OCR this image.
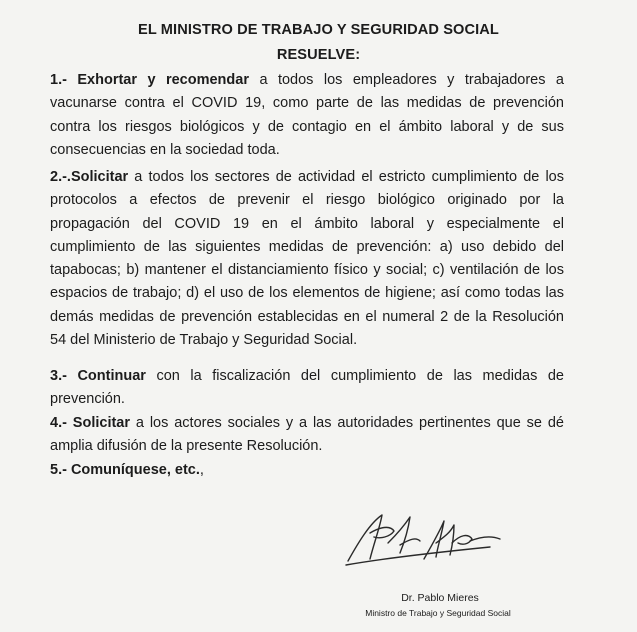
EL MINISTRO DE TRABAJO Y SEGURIDAD SOCIAL
RESUELVE:

1.- Exhortar y recomendar a todos los empleadores y trabajadores a vacunarse contra el COVID 19, como parte de las medidas de prevención contra los riesgos biológicos y de contagio en el ámbito laboral y de sus consecuencias en la sociedad toda.

2.-.Solicitar a todos los sectores de actividad el estricto cumplimiento de los protocolos a efectos de prevenir el riesgo biológico originado por la propagación del COVID 19 en el ámbito laboral y especialmente el cumplimiento de las siguientes medidas de prevención: a) uso debido del tapabocas; b) mantener el distanciamiento físico y social; c) ventilación de los espacios de trabajo; d) el uso de los elementos de higiene; así como todas las demás medidas de prevención establecidas en el numeral 2 de la Resolución 54 del Ministerio de Trabajo y Seguridad Social.

3.- Continuar con la fiscalización del cumplimiento de las medidas de prevención.

4.- Solicitar a los actores sociales y a las autoridades pertinentes que se dé amplia difusión de la presente Resolución.

5.- Comuníquese, etc.,

Dr. Pablo Mieres
Ministro de Trabajo y Seguridad Social
